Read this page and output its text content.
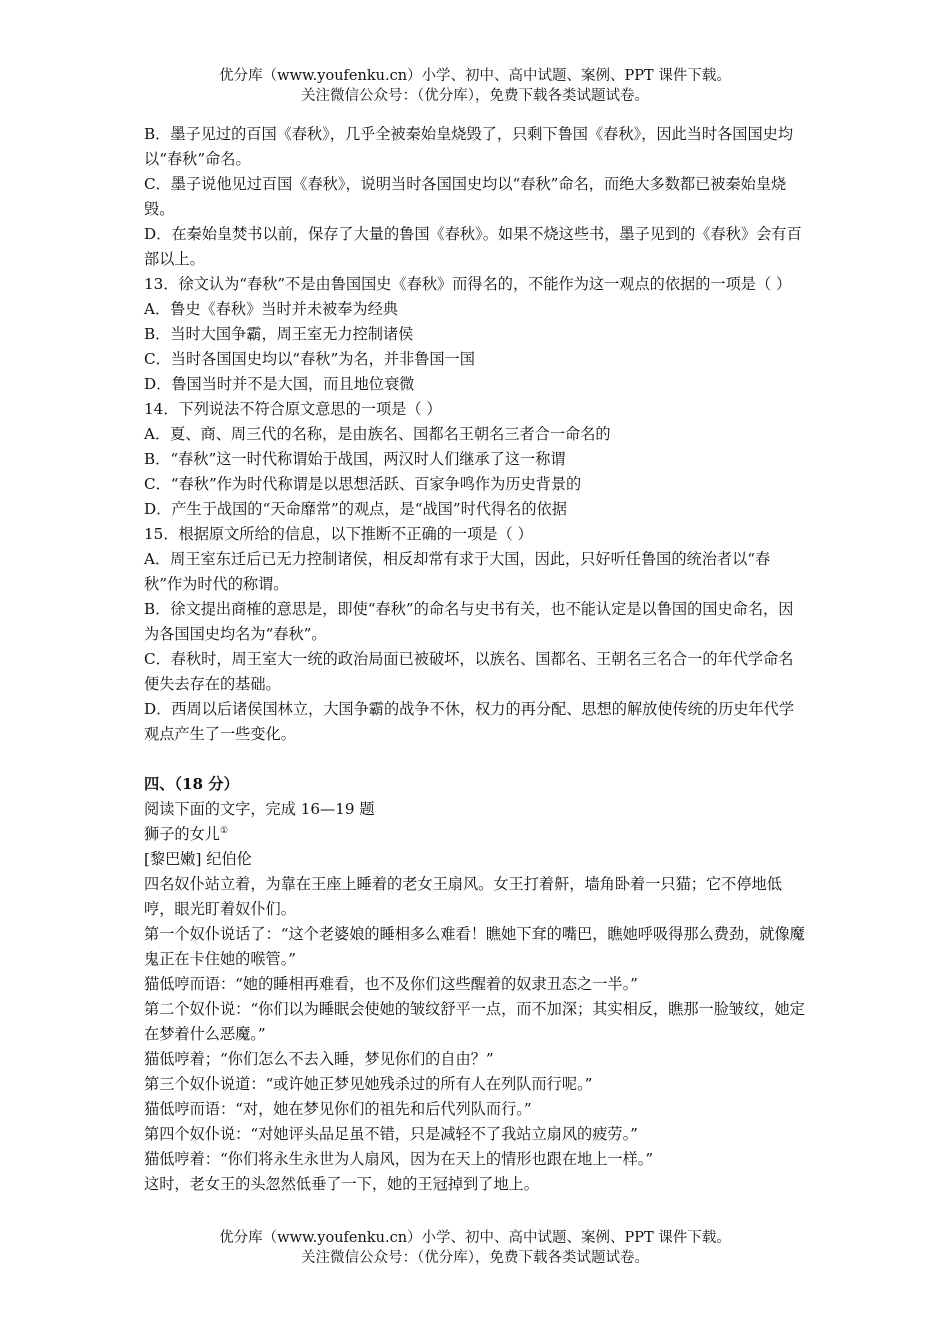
优分库（www.youfenku.cn）小学、初中、高中试题、案例、PPT 课件下载。
关注微信公众号：（优分库），免费下载各类试题试卷。

B．墨子见过的百国《春秋》，几乎全被秦始皇烧毁了，只剩下鲁国《春秋》，因此当时各国国史均以“春秋”命名。

C．墨子说他见过百国《春秋》，说明当时各国国史均以“春秋”命名，而绝大多数都已被秦始皇烧毁。

D．在秦始皇焚书以前，保存了大量的鲁国《春秋》。如果不烧这些书，墨子见到的《春秋》会有百部以上。

13．徐文认为“春秋”不是由鲁国国史《春秋》而得名的，不能作为这一观点的依据的一项是（ ）

A．鲁史《春秋》当时并未被奉为经典

B．当时大国争霸，周王室无力控制诸侯

C．当时各国国史均以“春秋”为名，并非鲁国一国

D．鲁国当时并不是大国，而且地位衰微

14．下列说法不符合原文意思的一项是（ ）

A．夏、商、周三代的名称，是由族名、国都名王朝名三者合一命名的

B．“春秋”这一时代称谓始于战国，两汉时人们继承了这一称谓

C．“春秋”作为时代称谓是以思想活跃、百家争鸣作为历史背景的

D．产生于战国的“天命靡常”的观点，是“战国”时代得名的依据

15．根据原文所给的信息，以下推断不正确的一项是（ ）

A．周王室东迁后已无力控制诸侯，相反却常有求于大国，因此，只好听任鲁国的统治者以“春秋”作为时代的称谓。

B．徐文提出商榷的意思是，即使“春秋”的命名与史书有关，也不能认定是以鲁国的国史命名，因为各国国史均名为“春秋”。

C．春秋时，周王室大一统的政治局面已被破坏，以族名、国都名、王朝名三名合一的年代学命名便失去存在的基础。

D．西周以后诸侯国林立，大国争霸的战争不休，权力的再分配、思想的解放使传统的历史年代学观点产生了一些变化。

四、（18 分）

阅读下面的文字，完成 16—19 题

狮子的女儿①

[黎巴嫩] 纪伯伦

四名奴仆站立着，为靠在王座上睡着的老女王扇风。女王打着鼾，墙角卧着一只猫；它不停地低哼，眼光盯着奴仆们。

第一个奴仆说话了：“这个老婆娘的睡相多么难看！瞧她下耷的嘴巴，瞧她呼吸得那么费劲，就像魔鬼正在卡住她的喉管。”

猫低哼而语：“她的睡相再难看，也不及你们这些醒着的奴隶丑态之一半。”

第二个奴仆说：“你们以为睡眠会使她的皱纹舒平一点，而不加深；其实相反，瞧那一脸皱纹，她定在梦着什么恶魔。”

猫低哼着；“你们怎么不去入睡，梦见你们的自由？”

第三个奴仆说道：“或许她正梦见她残杀过的所有人在列队而行呢。”

猫低哼而语：“对，她在梦见你们的祖先和后代列队而行。”

第四个奴仆说：“对她评头品足虽不错，只是减轻不了我站立扇风的疲劳。”

猫低哼着：“你们将永生永世为人扇风，因为在天上的情形也跟在地上一样。”

这时，老女王的头忽然低垂了一下，她的王冠掉到了地上。

优分库（www.youfenku.cn）小学、初中、高中试题、案例、PPT 课件下载。
关注微信公众号：（优分库），免费下载各类试题试卷。
